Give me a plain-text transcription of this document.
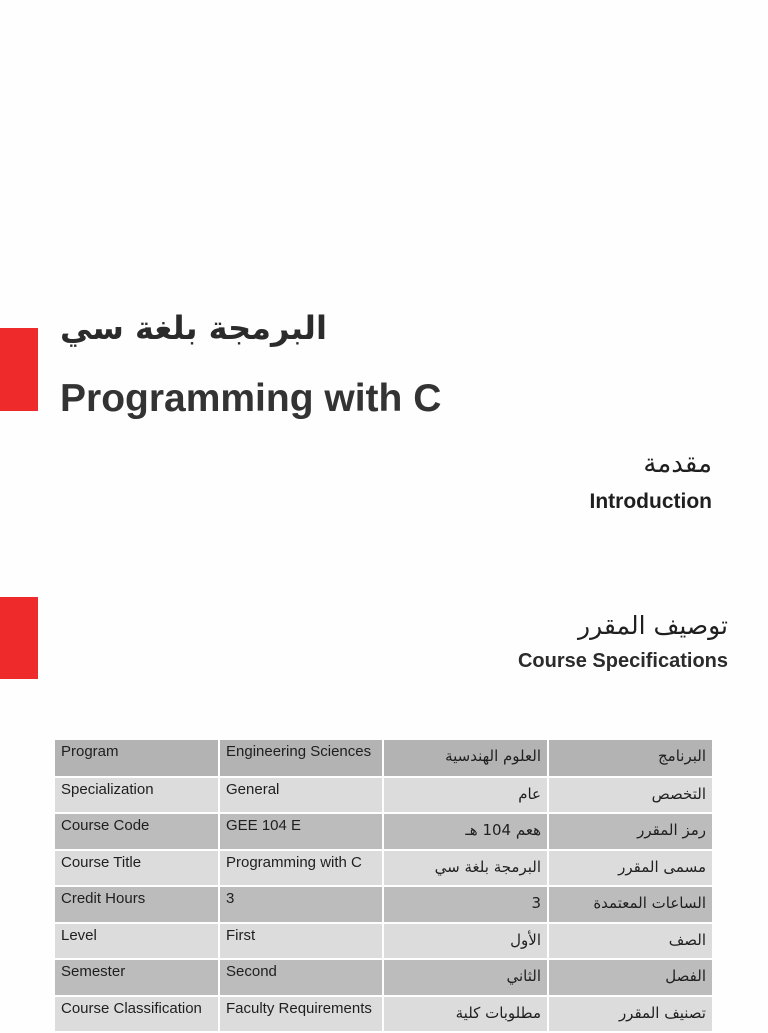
البرمجة بلغة سي
Programming with C
مقدمة
Introduction
توصيف المقرر
Course Specifications
Program	Engineering Sciences	العلوم الهندسية	البرنامج
Specialization	General	عام	التخصص
Course Code	GEE 104 E	هعم 104 هـ	رمز المقرر
Course Title	Programming with C	البرمجة بلغة سي	مسمى المقرر
Credit Hours	3	3	الساعات المعتمدة
Level	First	الأول	الصف
Semester	Second	الثاني	الفصل
Course Classification	Faculty Requirements	مطلوبات كلية	تصنيف المقرر
